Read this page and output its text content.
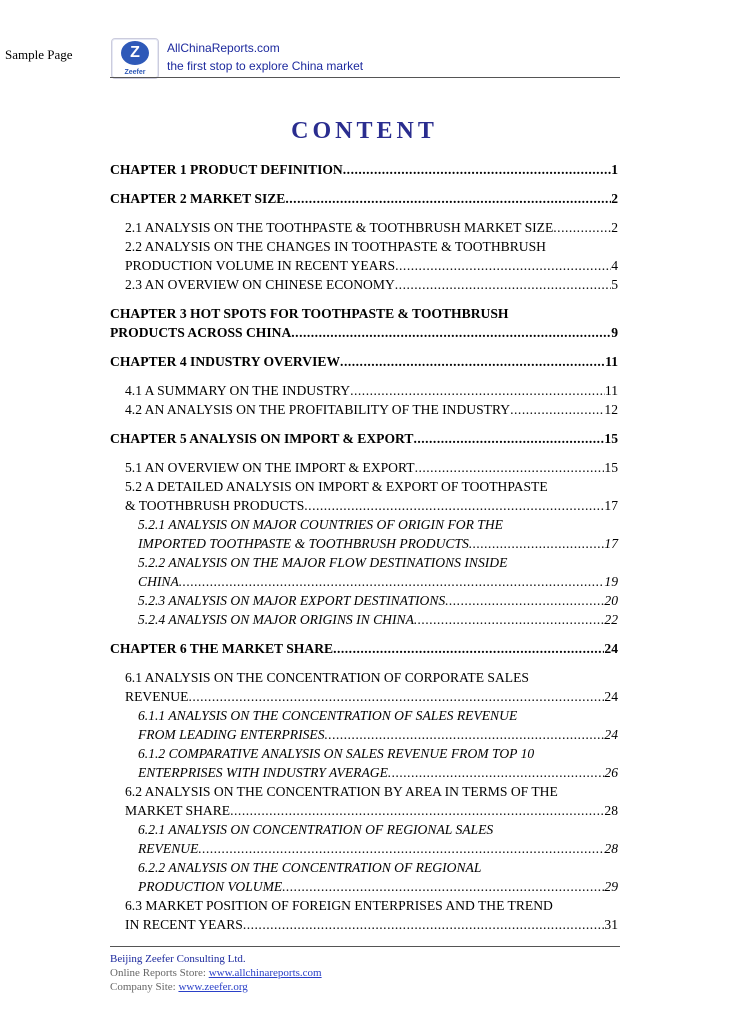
Sample Page	Z
Zeefer
AllChinaReports.com
the first stop to explore China market
CONTENT
CHAPTER 1 PRODUCT DEFINITION .....	1
CHAPTER 2 MARKET SIZE .....	2
2.1 ANALYSIS ON THE TOOTHPASTE & TOOTHBRUSH MARKET SIZE .....	2
2.2 ANALYSIS ON THE CHANGES IN TOOTHPASTE & TOOTHBRUSH
PRODUCTION VOLUME IN RECENT YEARS .....	4
2.3 AN OVERVIEW ON CHINESE ECONOMY .....	5
CHAPTER 3 HOT SPOTS FOR TOOTHPASTE & TOOTHBRUSH
PRODUCTS ACROSS CHINA .....	9
CHAPTER 4 INDUSTRY OVERVIEW .....	11
4.1 A SUMMARY ON THE INDUSTRY .....	11
4.2 AN ANALYSIS ON THE PROFITABILITY OF THE INDUSTRY .....	12
CHAPTER 5 ANALYSIS ON IMPORT & EXPORT .....	15
5.1 AN OVERVIEW ON THE IMPORT & EXPORT .....	15
5.2 A DETAILED ANALYSIS ON IMPORT & EXPORT OF TOOTHPASTE
& TOOTHBRUSH PRODUCTS .....	17
5.2.1 ANALYSIS ON MAJOR COUNTRIES OF ORIGIN FOR THE
IMPORTED TOOTHPASTE & TOOTHBRUSH PRODUCTS .....	17
5.2.2 ANALYSIS ON THE MAJOR FLOW DESTINATIONS INSIDE
CHINA .....	19
5.2.3 ANALYSIS ON MAJOR EXPORT DESTINATIONS .....	20
5.2.4 ANALYSIS ON MAJOR ORIGINS IN CHINA .....	22
CHAPTER 6 THE MARKET SHARE .....	24
6.1 ANALYSIS ON THE CONCENTRATION OF CORPORATE SALES
REVENUE .....	24
6.1.1 ANALYSIS ON THE CONCENTRATION OF SALES REVENUE
FROM LEADING ENTERPRISES .....	24
6.1.2 COMPARATIVE ANALYSIS ON SALES REVENUE FROM TOP 10
ENTERPRISES WITH INDUSTRY AVERAGE .....	26
6.2 ANALYSIS ON THE CONCENTRATION BY AREA IN TERMS OF THE
MARKET SHARE .....	28
6.2.1 ANALYSIS ON CONCENTRATION OF REGIONAL SALES
REVENUE .....	28
6.2.2 ANALYSIS ON THE CONCENTRATION OF REGIONAL
PRODUCTION VOLUME .....	29
6.3 MARKET POSITION OF FOREIGN ENTERPRISES AND THE TREND
IN RECENT YEARS .....	31
Beijing Zeefer Consulting Ltd.
Online Reports Store: www.allchinareports.com
Company Site: www.zeefer.org
